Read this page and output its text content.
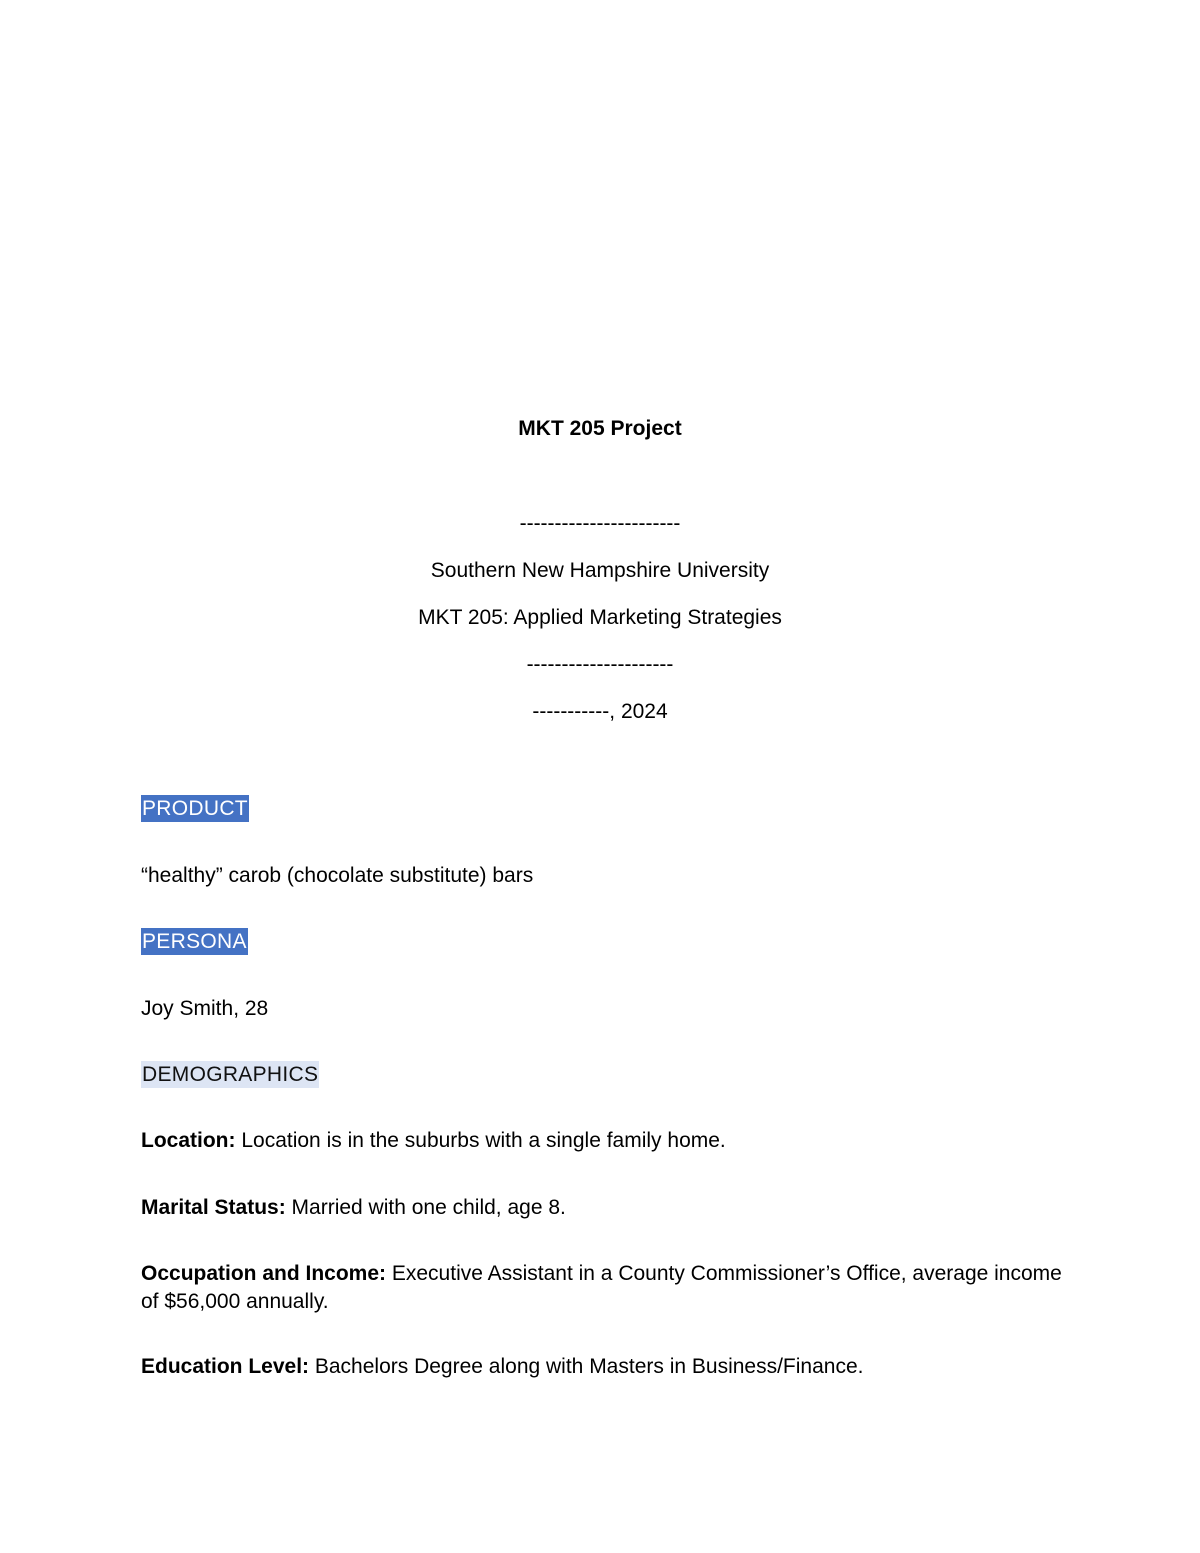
MKT 205 Project
-----------------------
Southern New Hampshire University
MKT 205: Applied Marketing Strategies
---------------------
-----------, 2024
PRODUCT
“healthy” carob (chocolate substitute) bars
PERSONA
Joy Smith, 28
DEMOGRAPHICS
Location: Location is in the suburbs with a single family home.
Marital Status: Married with one child, age 8.
Occupation and Income: Executive Assistant in a County Commissioner’s Office, average income of $56,000 annually.
Education Level: Bachelors Degree along with Masters in Business/Finance.
